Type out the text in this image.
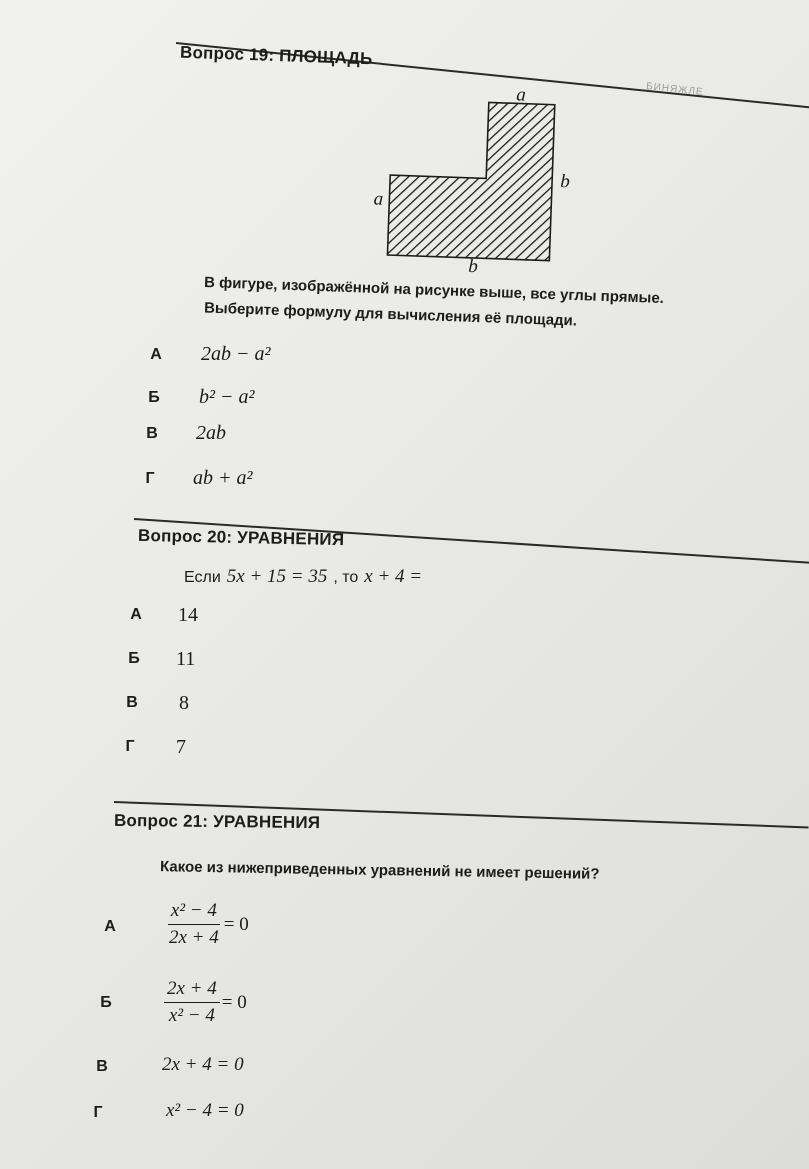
БИНЯЖЛЕ
Вопрос 19: ПЛОЩАДЬ
a
a
b
b
В фигуре, изображённой на рисунке выше, все углы прямые.
Выберите формулу для вычисления её площади.
А 2ab − a²
Б b² − a²
В 2ab
Г ab + a²
Вопрос 20: УРАВНЕНИЯ
Если 5x + 15 = 35 , то x + 4 =
А 14
Б 11
В 8
Г 7
Вопрос 21: УРАВНЕНИЯ
Какое из нижеприведенных уравнений не имеет решений?
А	$\frac{\text{x² − 4}}{2x + 4} = 0$
Б	$\frac{2x + 4}{\text{x² − 4}} = 0$
В	2x + 4 = 0
Г	x² − 4 = 0
